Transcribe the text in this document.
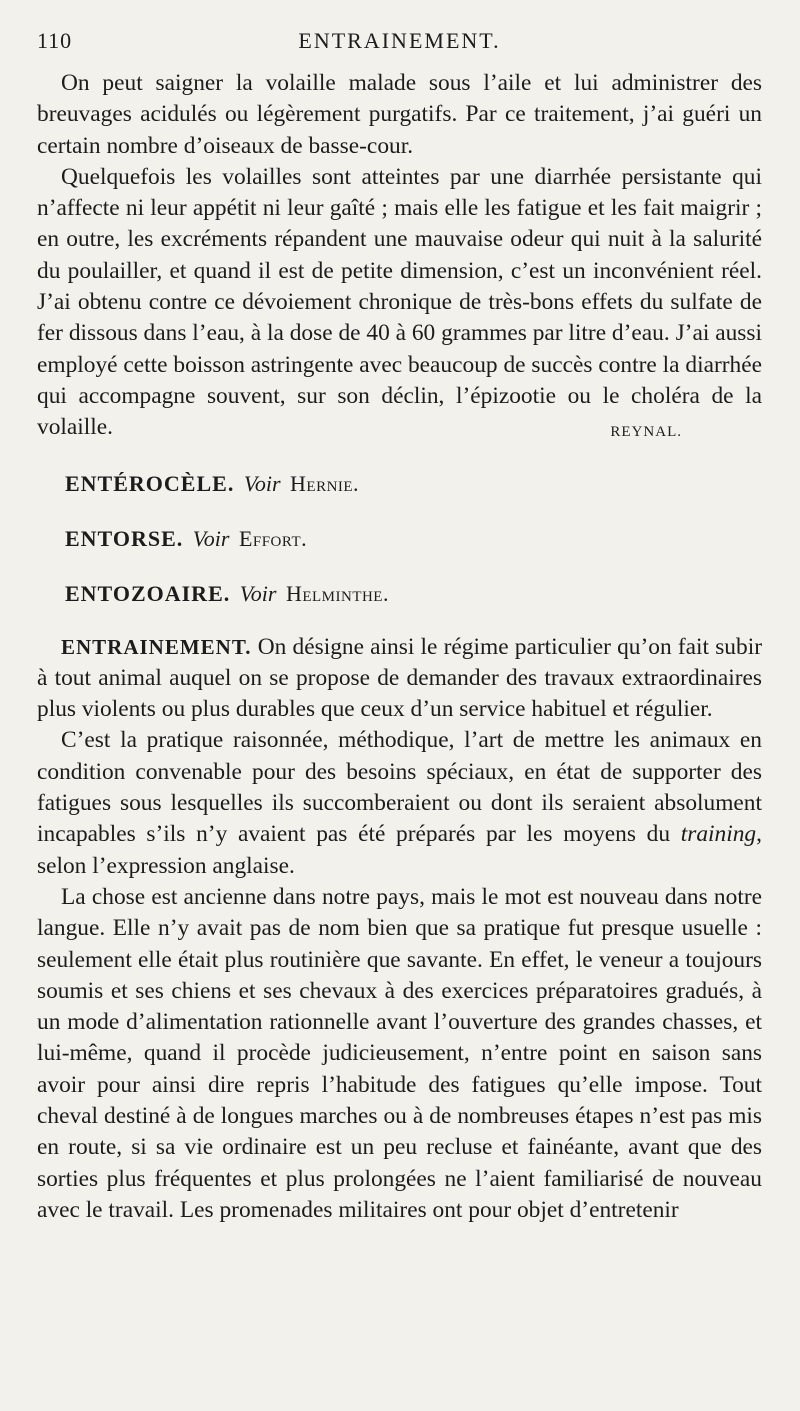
110	ENTRAINEMENT.

On peut saigner la volaille malade sous l’aile et lui administrer des breuvages acidulés ou légèrement purgatifs. Par ce traitement, j’ai guéri un certain nombre d’oiseaux de basse-cour.

Quelquefois les volailles sont atteintes par une diarrhée persistante qui n’affecte ni leur appétit ni leur gaîté ; mais elle les fatigue et les fait maigrir ; en outre, les excréments répandent une mauvaise odeur qui nuit à la salurité du poulailler, et quand il est de petite dimension, c’est un inconvénient réel. J’ai obtenu contre ce dévoiement chronique de très-bons effets du sulfate de fer dissous dans l’eau, à la dose de 40 à 60 grammes par litre d’eau. J’ai aussi employé cette boisson astringente avec beaucoup de succès contre la diarrhée qui accompagne souvent, sur son déclin, l’épizootie ou le choléra de la volaille.	REYNAL.

ENTÉROCÈLE. Voir Hernie.
ENTORSE. Voir Effort.
ENTOZOAIRE. Voir Helminthe.

ENTRAINEMENT. On désigne ainsi le régime particulier qu’on fait subir à tout animal auquel on se propose de demander des travaux extraordinaires plus violents ou plus durables que ceux d’un service habituel et régulier.

C’est la pratique raisonnée, méthodique, l’art de mettre les animaux en condition convenable pour des besoins spéciaux, en état de supporter des fatigues sous lesquelles ils succomberaient ou dont ils seraient absolument incapables s’ils n’y avaient pas été préparés par les moyens du training, selon l’expression anglaise.

La chose est ancienne dans notre pays, mais le mot est nouveau dans notre langue. Elle n’y avait pas de nom bien que sa pratique fut presque usuelle : seulement elle était plus routinière que savante. En effet, le veneur a toujours soumis et ses chiens et ses chevaux à des exercices préparatoires gradués, à un mode d’alimentation rationnelle avant l’ouverture des grandes chasses, et lui-même, quand il procède judicieusement, n’entre point en saison sans avoir pour ainsi dire repris l’habitude des fatigues qu’elle impose. Tout cheval destiné à de longues marches ou à de nombreuses étapes n’est pas mis en route, si sa vie ordinaire est un peu recluse et fainéante, avant que des sorties plus fréquentes et plus prolongées ne l’aient familiarisé de nouveau avec le travail. Les promenades militaires ont pour objet d’entretenir
